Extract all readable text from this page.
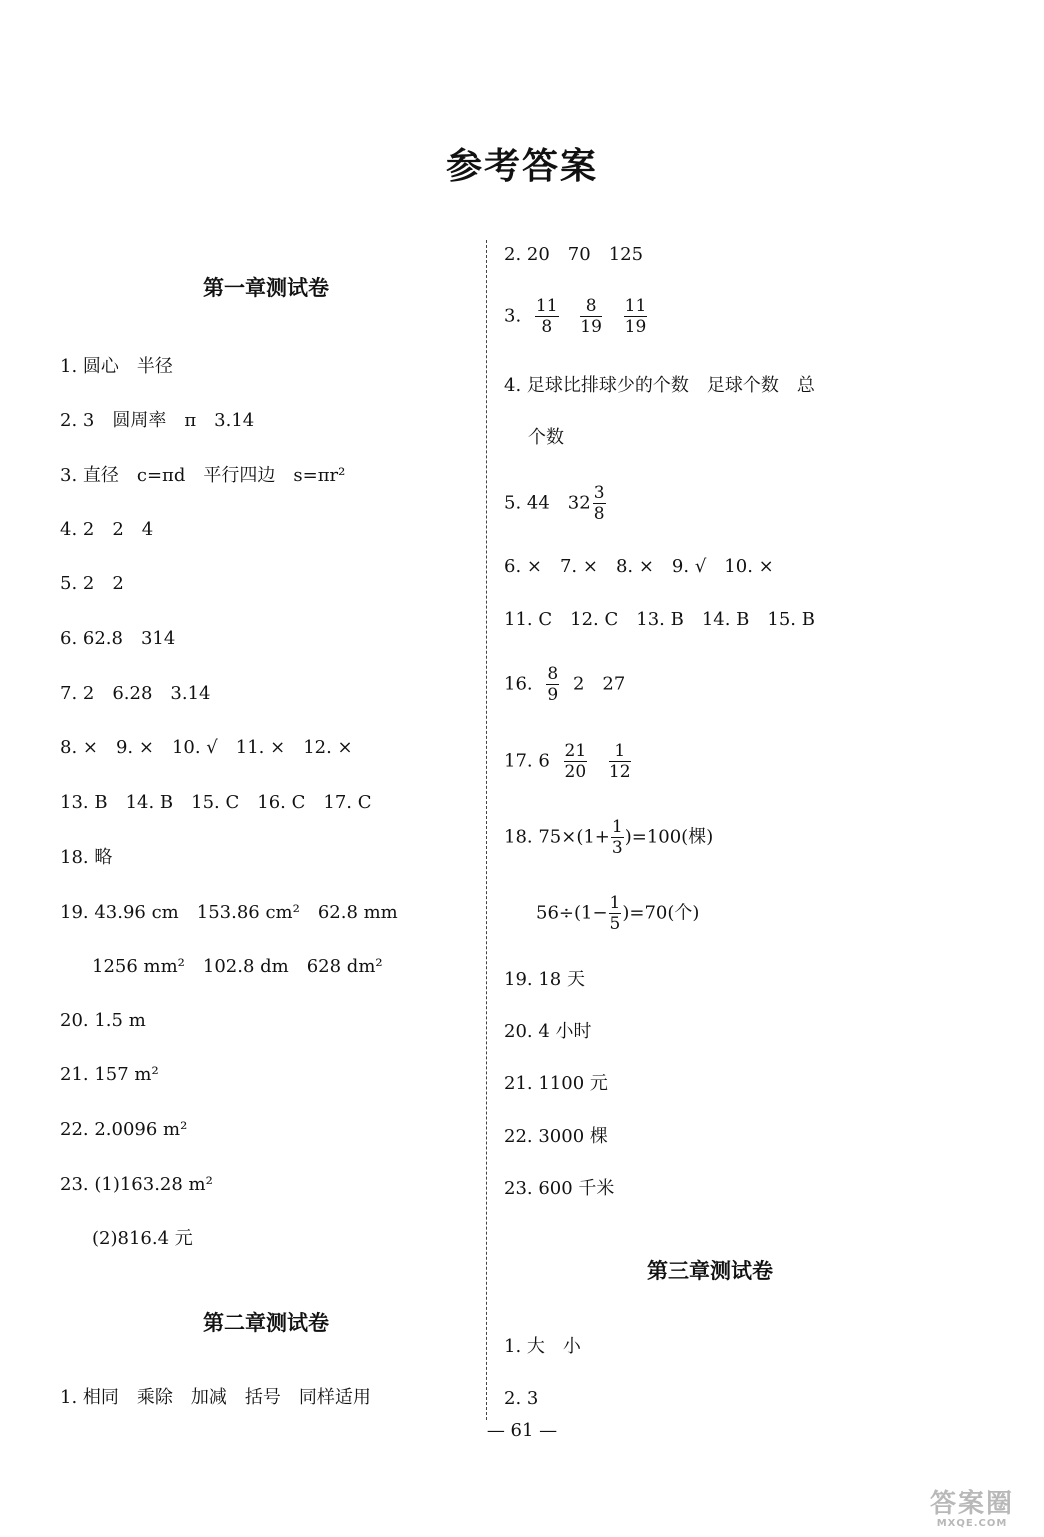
参考答案
第一章测试卷
1. 圆心　半径
2. 3　圆周率　π　3.14
3. 直径　c=πd　平行四边　s=πr²
4. 2　2　4
5. 2　2
6. 62.8　314
7. 2　6.28　3.14
8. ×　9. ×　10. √　11. ×　12. ×
13. B　14. B　15. C　16. C　17. C
18. 略
19. 43.96 cm　153.86 cm²　62.8 mm
1256 mm²　102.8 dm　628 dm²
20. 1.5 m
21. 157 m²
22. 2.0096 m²
23. (1)163.28 m²
(2)816.4 元
第二章测试卷
1. 相同　乘除　加减　括号　同样适用
2. 20　70　125
3. $\frac{11}{8}$
$\frac{8}{19}$
$\frac{11}{19}$
4. 足球比排球少的个数　足球个数　总
个数
5. 44　$32 \frac{3}{8}$
6. ×　7. ×　8. ×　9. √　10. ×
11. C　12. C　13. B　14. B　15. B
16. $\frac{8}{9} 2$　27
17. $6 \frac{21}{20}$
$\frac{1}{12}$
18. $75\times(1+ \frac{1}{3} )=100$(棵)
$56\div(1- \frac{1}{5} )=70$(个)
19. 18 天
20. 4 小时
21. 1100 元
22. 3000 棵
23. 600 千米
第三章测试卷
1. 大　小
2. 3
— 61 —
答案圈
MXQE.COM
